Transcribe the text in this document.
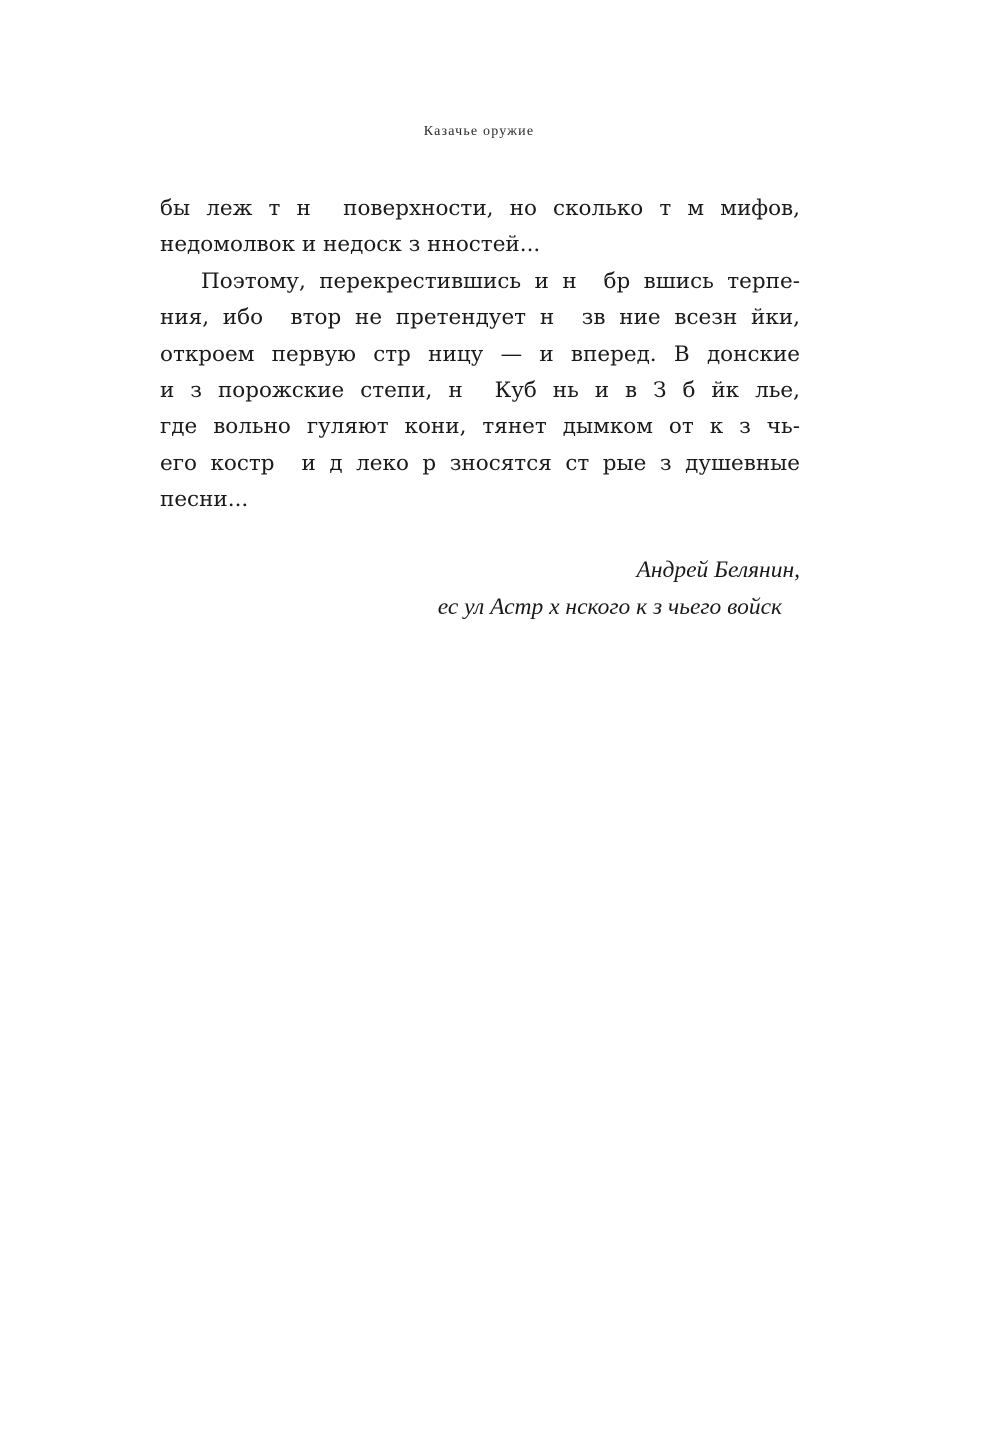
Казачье оружие
бы леж т н  поверхности, но сколько т м мифов,
недомолвок и недоск з нностей...
Поэтому, перекрестившись и н  бр вшись терпе-
ния, ибо  втор не претендует н  зв ние всезн йки,
откроем первую стр ницу — и вперед. В донские
и з порожские степи, н  Куб нь и в З б йк лье,
где вольно гуляют кони, тянет дымком от к з чь-
его костр  и д леко р зносятся ст рые з душевные
песни...
Андрей Белянин,
ес ул Астр х нского к з чьего войск
